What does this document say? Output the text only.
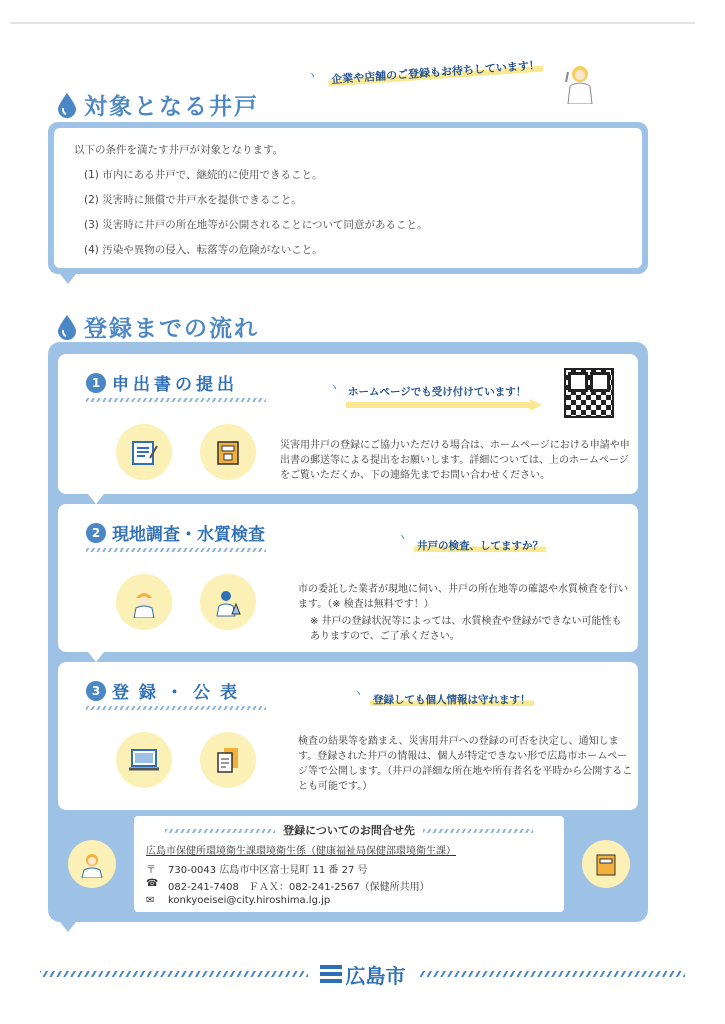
対象となる井戸
ヽ 企業や店舗のご登録もお待ちしています！
以下の条件を満たす井戸が対象となります。
(1) 市内にある井戸で、継続的に使用できること。
(2) 災害時に無償で井戸水を提供できること。
(3) 災害時に井戸の所在地等が公開されることについて同意があること。
(4) 汚染や異物の侵入、転落等の危険がないこと。
登録までの流れ
1 申出書の提出	ヽ ホームページでも受け付けています！
災害用井戸の登録にご協力いただける場合は、ホームページにおける申請や申出書の郵送等による提出をお願いします。詳細については、上のホームページをご覧いただくか、下の連絡先までお問い合わせください。
2 現地調査・水質検査	ヽ
井戸の検査、してますか？
市の委託した業者が現地に伺い、井戸の所在地等の確認や水質検査を行います。（※ 検査は無料です！）
※ 井戸の登録状況等によっては、水質検査や登録ができない可能性もありますので、ご了承ください。
3 登録・公表	ヽ 登録しても個人情報は守れます！
検査の結果等を踏まえ、災害用井戸への登録の可否を決定し、通知します。登録された井戸の情報は、個人が特定できない形で広島市ホームページ等で公開します。（井戸の詳細な所在地や所有者名を平時から公開することも可能です。）
登録についてのお問合せ先
広島市保健所環境衛生課環境衛生係（健康福祉局保健部環境衛生課）
〒	730-0043 広島市中区富士見町 11 番 27 号
☎ 082-241-7408　ＦＡＸ：082-241-2567（保健所共用）
✉	konkyoeisei@city.hiroshima.lg.jp
広島市
